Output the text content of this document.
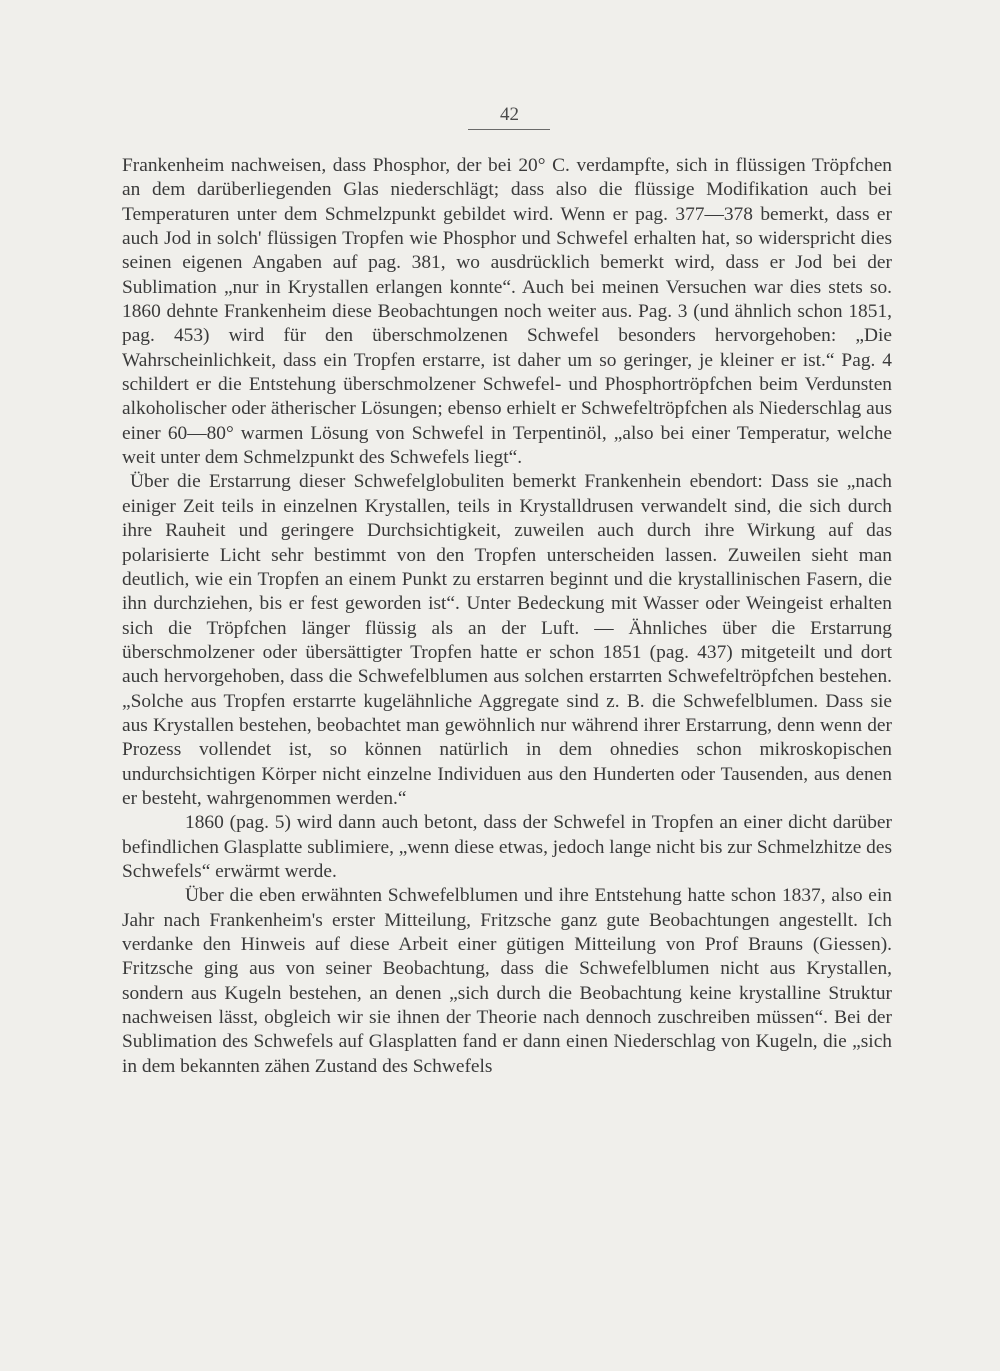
42

Frankenheim nachweisen, dass Phosphor, der bei 20° C. verdampfte, sich in flüssigen Tröpfchen an dem darüberliegenden Glas niederschlägt; dass also die flüssige Modifikation auch bei Temperaturen unter dem Schmelzpunkt gebildet wird. Wenn er pag. 377—378 bemerkt, dass er auch Jod in solch' flüssigen Tropfen wie Phosphor und Schwefel erhalten hat, so widerspricht dies seinen eigenen Angaben auf pag. 381, wo ausdrücklich bemerkt wird, dass er Jod bei der Sublimation „nur in Krystallen erlangen konnte“. Auch bei meinen Versuchen war dies stets so. 1860 dehnte Frankenheim diese Beobachtungen noch weiter aus. Pag. 3 (und ähnlich schon 1851, pag. 453) wird für den überschmolzenen Schwefel besonders hervorgehoben: „Die Wahrscheinlichkeit, dass ein Tropfen erstarre, ist daher um so geringer, je kleiner er ist.“ Pag. 4 schildert er die Entstehung überschmolzener Schwefel- und Phosphortröpfchen beim Verdunsten alkoholischer oder ätherischer Lösungen; ebenso erhielt er Schwefeltröpfchen als Niederschlag aus einer 60—80° warmen Lösung von Schwefel in Terpentinöl, „also bei einer Temperatur, welche weit unter dem Schmelzpunkt des Schwefels liegt“.

Über die Erstarrung dieser Schwefelglobuliten bemerkt Frankenhein ebendort: Dass sie „nach einiger Zeit teils in einzelnen Krystallen, teils in Krystalldrusen verwandelt sind, die sich durch ihre Rauheit und geringere Durchsichtigkeit, zuweilen auch durch ihre Wirkung auf das polarisierte Licht sehr bestimmt von den Tropfen unterscheiden lassen. Zuweilen sieht man deutlich, wie ein Tropfen an einem Punkt zu erstarren beginnt und die krystallinischen Fasern, die ihn durchziehen, bis er fest geworden ist“. Unter Bedeckung mit Wasser oder Weingeist erhalten sich die Tröpfchen länger flüssig als an der Luft. — Ähnliches über die Erstarrung überschmolzener oder übersättigter Tropfen hatte er schon 1851 (pag. 437) mitgeteilt und dort auch hervorgehoben, dass die Schwefelblumen aus solchen erstarrten Schwefeltröpfchen bestehen. „Solche aus Tropfen erstarrte kugelähnliche Aggregate sind z. B. die Schwefelblumen. Dass sie aus Krystallen bestehen, beobachtet man gewöhnlich nur während ihrer Erstarrung, denn wenn der Prozess vollendet ist, so können natürlich in dem ohnedies schon mikroskopischen undurchsichtigen Körper nicht einzelne Individuen aus den Hunderten oder Tausenden, aus denen er besteht, wahrgenommen werden.“

1860 (pag. 5) wird dann auch betont, dass der Schwefel in Tropfen an einer dicht darüber befindlichen Glasplatte sublimiere, „wenn diese etwas, jedoch lange nicht bis zur Schmelzhitze des Schwefels“ erwärmt werde.

Über die eben erwähnten Schwefelblumen und ihre Entstehung hatte schon 1837, also ein Jahr nach Frankenheim's erster Mitteilung, Fritzsche ganz gute Beobachtungen angestellt. Ich verdanke den Hinweis auf diese Arbeit einer gütigen Mitteilung von Prof Brauns (Giessen). Fritzsche ging aus von seiner Beobachtung, dass die Schwefelblumen nicht aus Krystallen, sondern aus Kugeln bestehen, an denen „sich durch die Beobachtung keine krystalline Struktur nachweisen lässt, obgleich wir sie ihnen der Theorie nach dennoch zuschreiben müssen“. Bei der Sublimation des Schwefels auf Glasplatten fand er dann einen Niederschlag von Kugeln, die „sich in dem bekannten zähen Zustand des Schwefels
